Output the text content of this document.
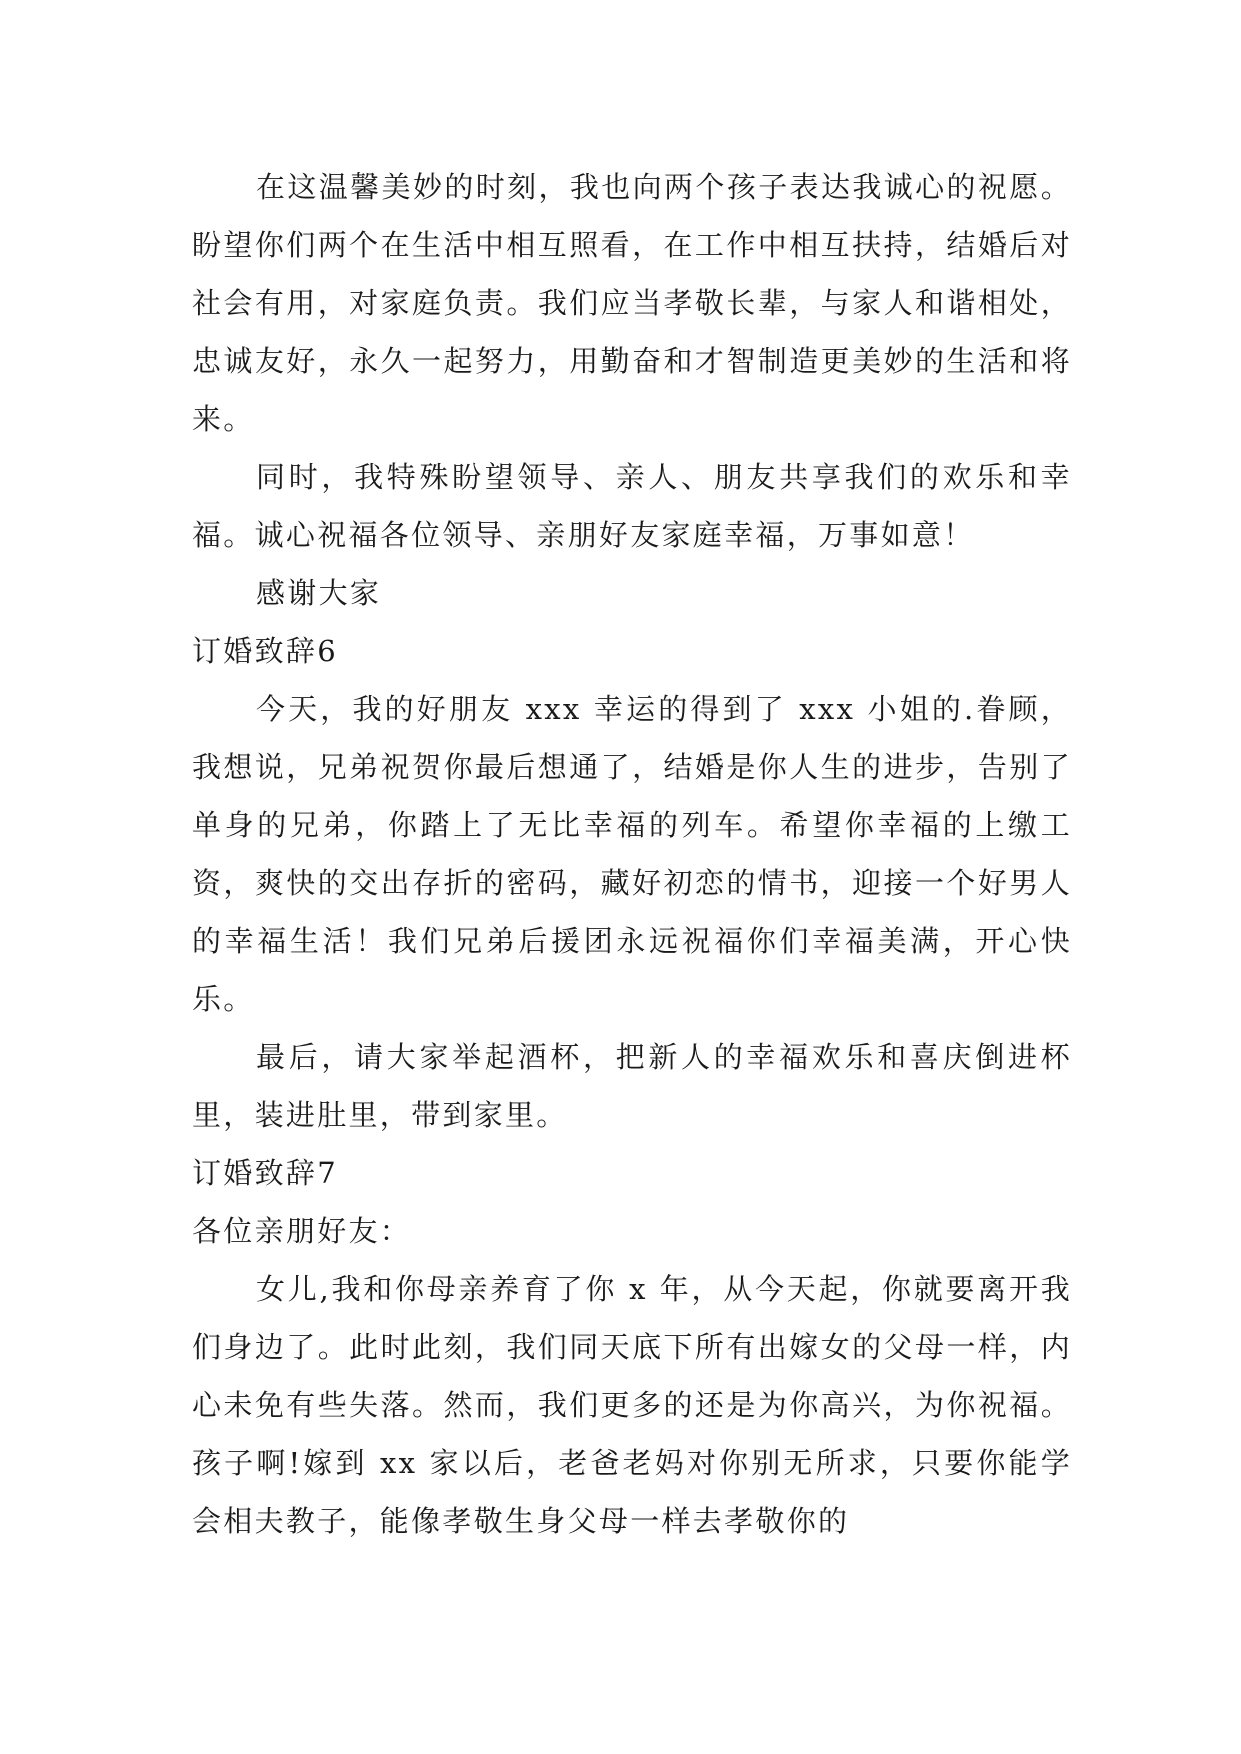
在这温馨美妙的时刻，我也向两个孩子表达我诚心的祝愿。盼望你们两个在生活中相互照看，在工作中相互扶持，结婚后对社会有用，对家庭负责。我们应当孝敬长辈，与家人和谐相处，忠诚友好，永久一起努力，用勤奋和才智制造更美妙的生活和将来。

同时，我特殊盼望领导、亲人、朋友共享我们的欢乐和幸福。诚心祝福各位领导、亲朋好友家庭幸福，万事如意！

感谢大家

订婚致辞6

今天，我的好朋友 xxx 幸运的得到了 xxx 小姐的.眷顾，我想说，兄弟祝贺你最后想通了，结婚是你人生的进步，告别了单身的兄弟，你踏上了无比幸福的列车。希望你幸福的上缴工资，爽快的交出存折的密码，藏好初恋的情书，迎接一个好男人的幸福生活！我们兄弟后援团永远祝福你们幸福美满，开心快乐。

最后，请大家举起酒杯，把新人的幸福欢乐和喜庆倒进杯里，装进肚里，带到家里。

订婚致辞7

各位亲朋好友：

女儿,我和你母亲养育了你 x 年，从今天起，你就要离开我们身边了。此时此刻，我们同天底下所有出嫁女的父母一样，内心未免有些失落。然而，我们更多的还是为你高兴，为你祝福。孩子啊!嫁到 xx 家以后，老爸老妈对你别无所求，只要你能学会相夫教子，能像孝敬生身父母一样去孝敬你的
